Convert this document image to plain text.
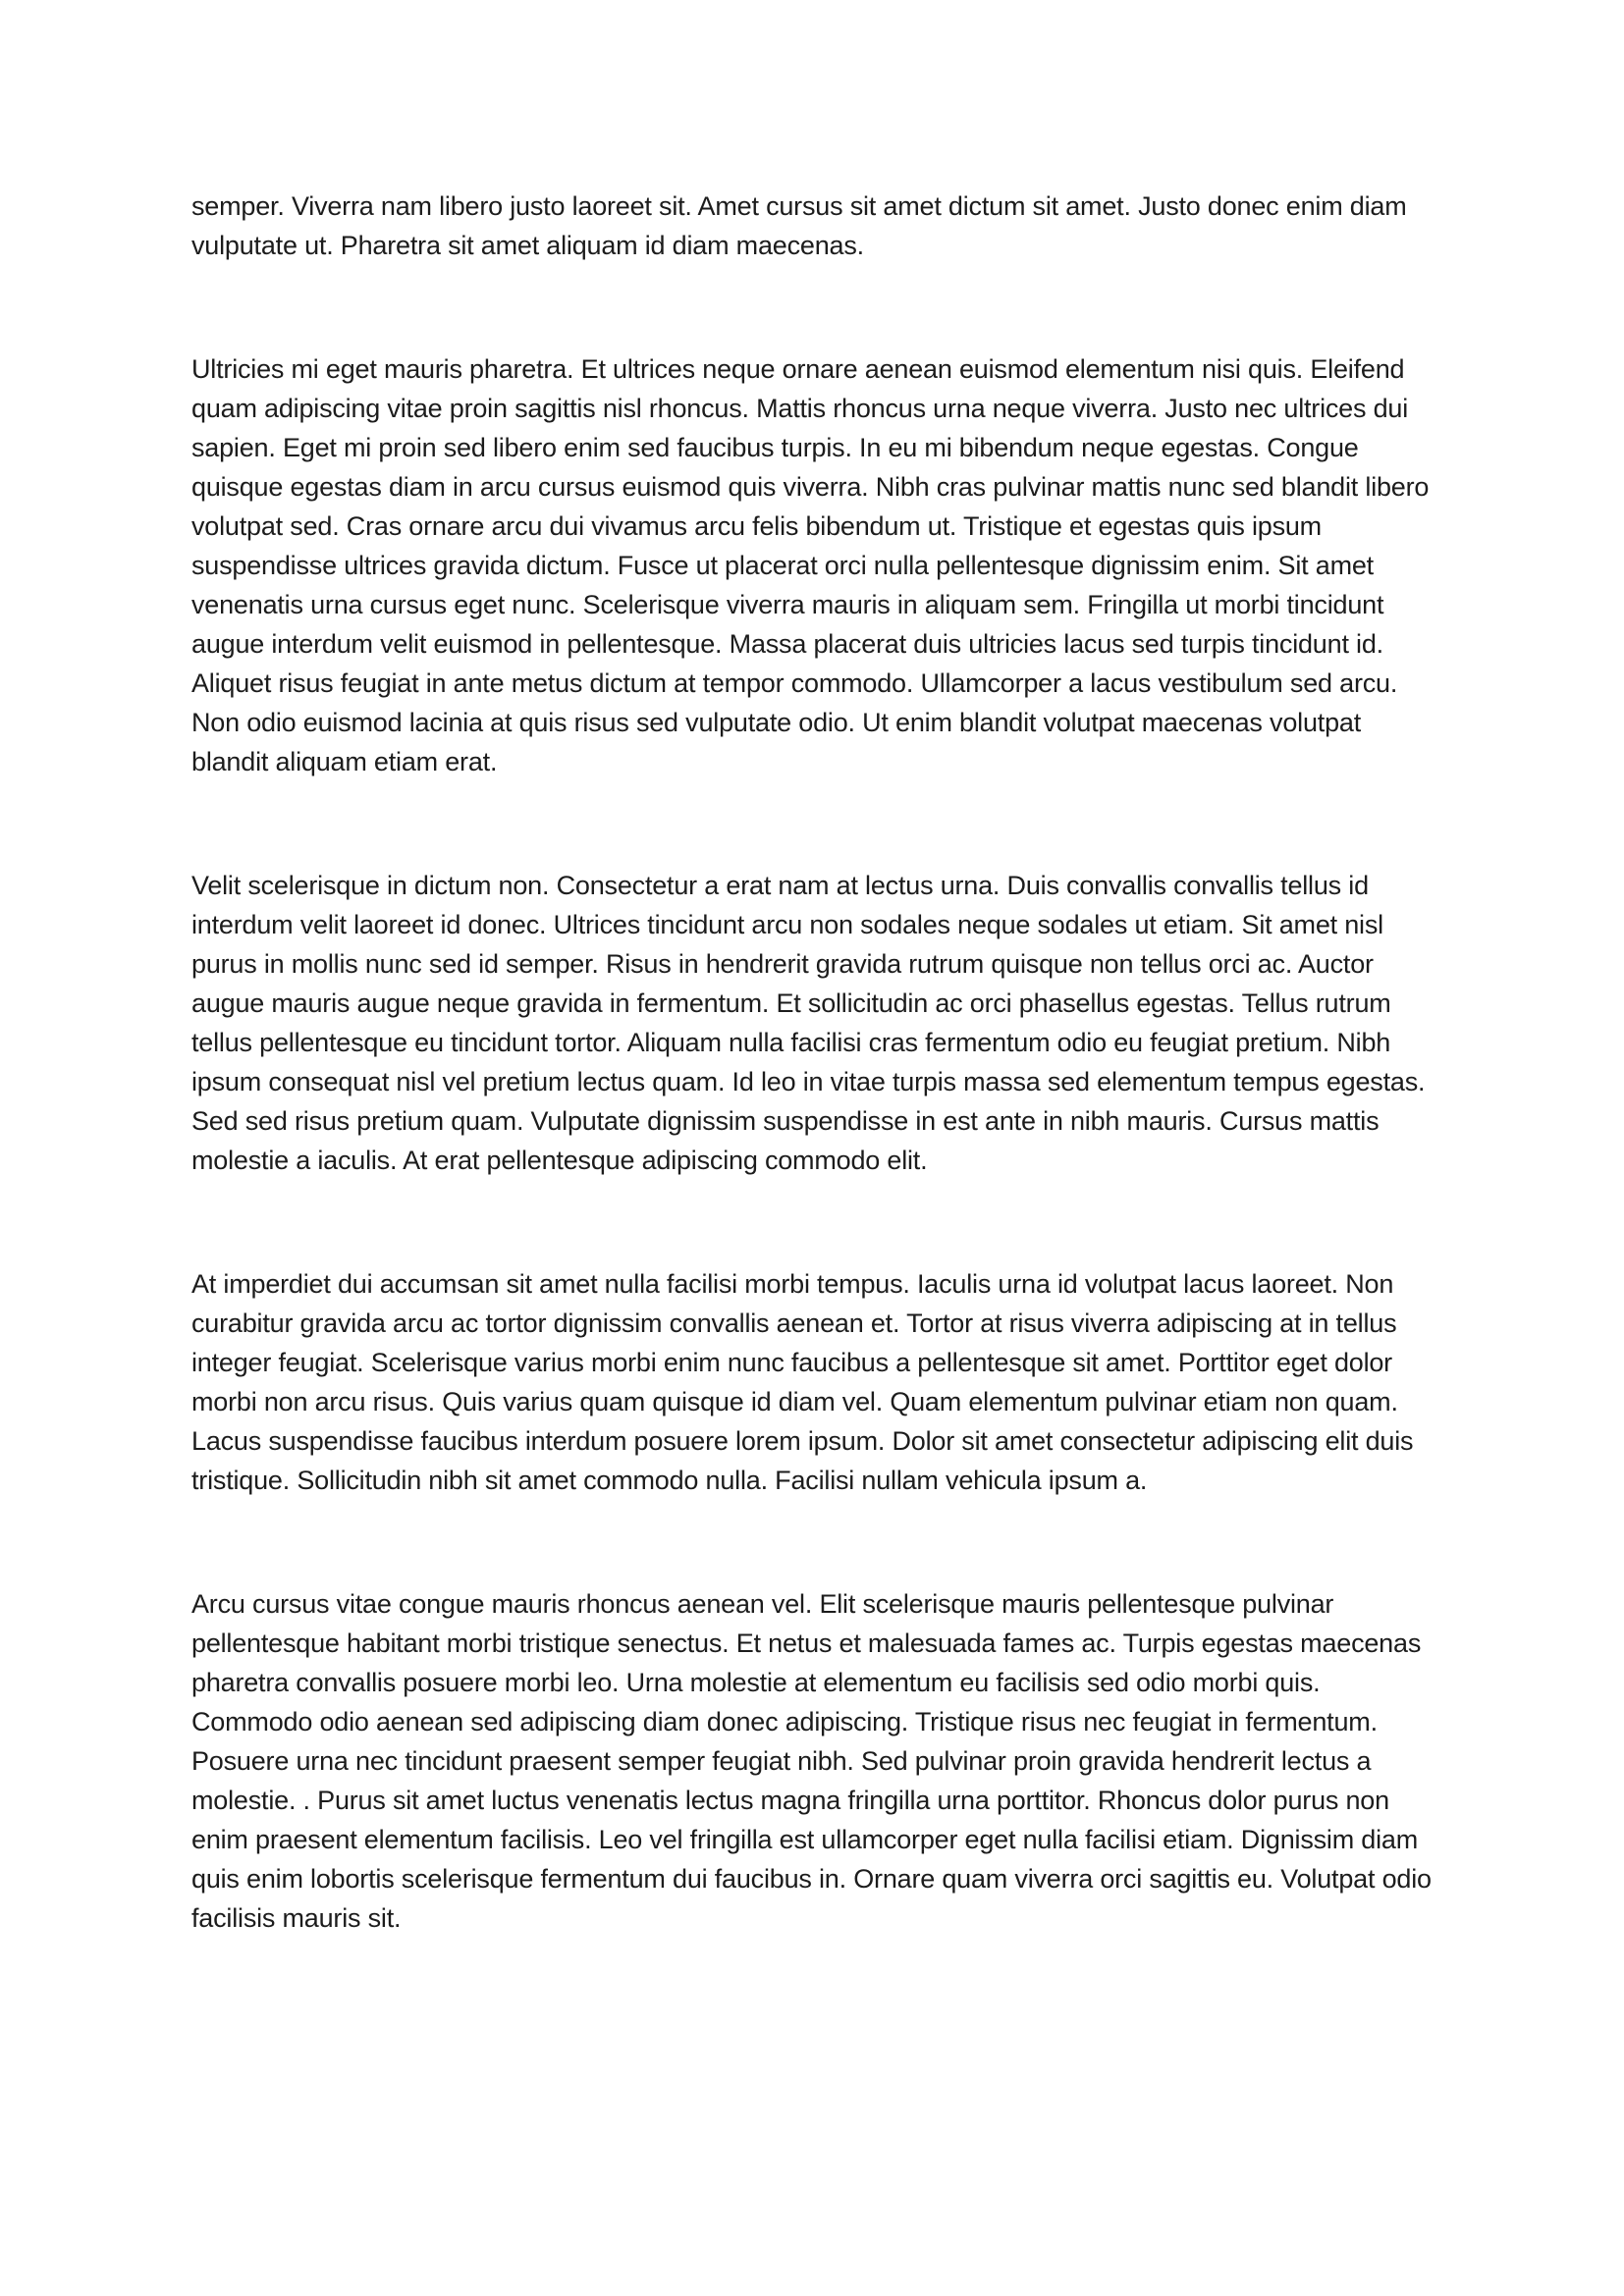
semper. Viverra nam libero justo laoreet sit. Amet cursus sit amet dictum sit amet. Justo donec enim diam vulputate ut. Pharetra sit amet aliquam id diam maecenas.

Ultricies mi eget mauris pharetra. Et ultrices neque ornare aenean euismod elementum nisi quis. Eleifend quam adipiscing vitae proin sagittis nisl rhoncus. Mattis rhoncus urna neque viverra. Justo nec ultrices dui sapien. Eget mi proin sed libero enim sed faucibus turpis. In eu mi bibendum neque egestas. Congue quisque egestas diam in arcu cursus euismod quis viverra. Nibh cras pulvinar mattis nunc sed blandit libero volutpat sed. Cras ornare arcu dui vivamus arcu felis bibendum ut. Tristique et egestas quis ipsum suspendisse ultrices gravida dictum. Fusce ut placerat orci nulla pellentesque dignissim enim. Sit amet venenatis urna cursus eget nunc. Scelerisque viverra mauris in aliquam sem. Fringilla ut morbi tincidunt augue interdum velit euismod in pellentesque. Massa placerat duis ultricies lacus sed turpis tincidunt id. Aliquet risus feugiat in ante metus dictum at tempor commodo. Ullamcorper a lacus vestibulum sed arcu. Non odio euismod lacinia at quis risus sed vulputate odio. Ut enim blandit volutpat maecenas volutpat blandit aliquam etiam erat.

Velit scelerisque in dictum non. Consectetur a erat nam at lectus urna. Duis convallis convallis tellus id interdum velit laoreet id donec. Ultrices tincidunt arcu non sodales neque sodales ut etiam. Sit amet nisl purus in mollis nunc sed id semper. Risus in hendrerit gravida rutrum quisque non tellus orci ac. Auctor augue mauris augue neque gravida in fermentum. Et sollicitudin ac orci phasellus egestas. Tellus rutrum tellus pellentesque eu tincidunt tortor. Aliquam nulla facilisi cras fermentum odio eu feugiat pretium. Nibh ipsum consequat nisl vel pretium lectus quam. Id leo in vitae turpis massa sed elementum tempus egestas. Sed sed risus pretium quam. Vulputate dignissim suspendisse in est ante in nibh mauris. Cursus mattis molestie a iaculis. At erat pellentesque adipiscing commodo elit.

At imperdiet dui accumsan sit amet nulla facilisi morbi tempus. Iaculis urna id volutpat lacus laoreet. Non curabitur gravida arcu ac tortor dignissim convallis aenean et. Tortor at risus viverra adipiscing at in tellus integer feugiat. Scelerisque varius morbi enim nunc faucibus a pellentesque sit amet. Porttitor eget dolor morbi non arcu risus. Quis varius quam quisque id diam vel. Quam elementum pulvinar etiam non quam. Lacus suspendisse faucibus interdum posuere lorem ipsum. Dolor sit amet consectetur adipiscing elit duis tristique. Sollicitudin nibh sit amet commodo nulla. Facilisi nullam vehicula ipsum a.

Arcu cursus vitae congue mauris rhoncus aenean vel. Elit scelerisque mauris pellentesque pulvinar pellentesque habitant morbi tristique senectus. Et netus et malesuada fames ac. Turpis egestas maecenas pharetra convallis posuere morbi leo. Urna molestie at elementum eu facilisis sed odio morbi quis. Commodo odio aenean sed adipiscing diam donec adipiscing. Tristique risus nec feugiat in fermentum. Posuere urna nec tincidunt praesent semper feugiat nibh. Sed pulvinar proin gravida hendrerit lectus a molestie. . Purus sit amet luctus venenatis lectus magna fringilla urna porttitor. Rhoncus dolor purus non enim praesent elementum facilisis. Leo vel fringilla est ullamcorper eget nulla facilisi etiam. Dignissim diam quis enim lobortis scelerisque fermentum dui faucibus in. Ornare quam viverra orci sagittis eu. Volutpat odio facilisis mauris sit.
